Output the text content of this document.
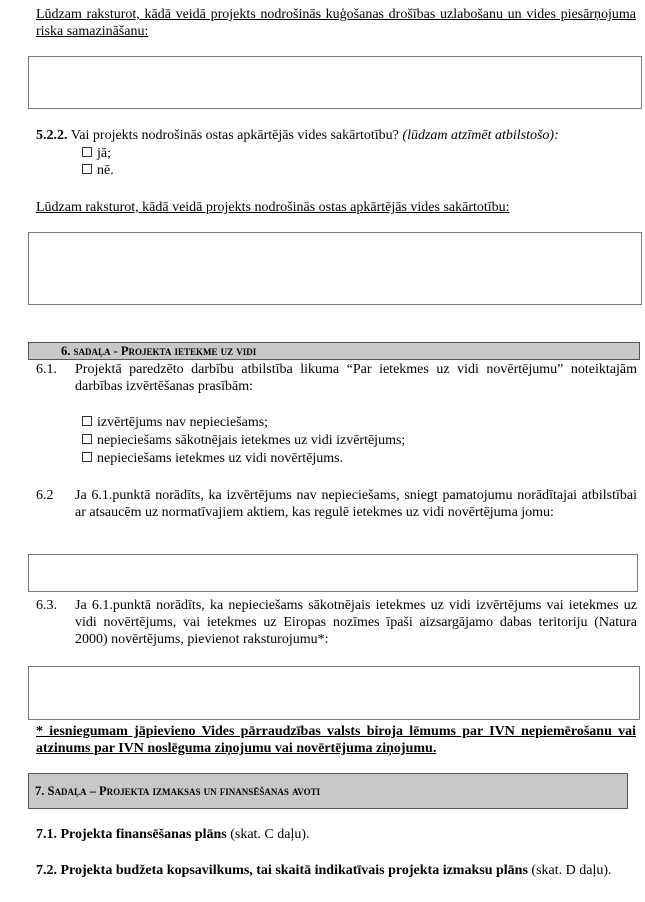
Lūdzam raksturot, kādā veidā projekts nodrošinās kuģošanas drošības uzlabošanu un vides piesārņojuma riska samazināšanu:

5.2.2. Vai projekts nodrošinās ostas apkārtējās vides sakārtotību? (lūdzam atzīmēt atbilstošo):
jā;
nē.

Lūdzam raksturot, kādā veidā projekts nodrošinās ostas apkārtējās vides sakārtotību:

6. sadaļa - Projekta ietekme uz vidi
6.1. Projektā paredzēto darbību atbilstība likuma “Par ietekmes uz vidi novērtējumu” noteiktajām darbības izvērtēšanas prasībām:

izvērtējums nav nepieciešams;
nepieciešams sākotnējais ietekmes uz vidi izvērtējums;
nepieciešams ietekmes uz vidi novērtējums.
6.2 Ja 6.1.punktā norādīts, ka izvērtējums nav nepieciešams, sniegt pamatojumu norādītajai atbilstībai ar atsaucēm uz normatīvajiem aktiem, kas regulē ietekmes uz vidi novērtējuma jomu:

6.3. Ja 6.1.punktā norādīts, ka nepieciešams sākotnējais ietekmes uz vidi izvērtējums vai ietekmes uz vidi novērtējums, vai ietekmes uz Eiropas nozīmes īpaši aizsargājamo dabas teritoriju (Natura 2000) novērtējums, pievienot raksturojumu*:

* iesniegumam jāpievieno Vides pārraudzības valsts biroja lēmums par IVN nepiemērošanu vai atzinums par IVN noslēguma ziņojumu vai novērtējuma ziņojumu.

7. Sadaļa – Projekta izmaksas un finansēšanas avoti

7.1. Projekta finansēšanas plāns (skat. C daļu).

7.2. Projekta budžeta kopsavilkums, tai skaitā indikatīvais projekta izmaksu plāns (skat. D daļu).
